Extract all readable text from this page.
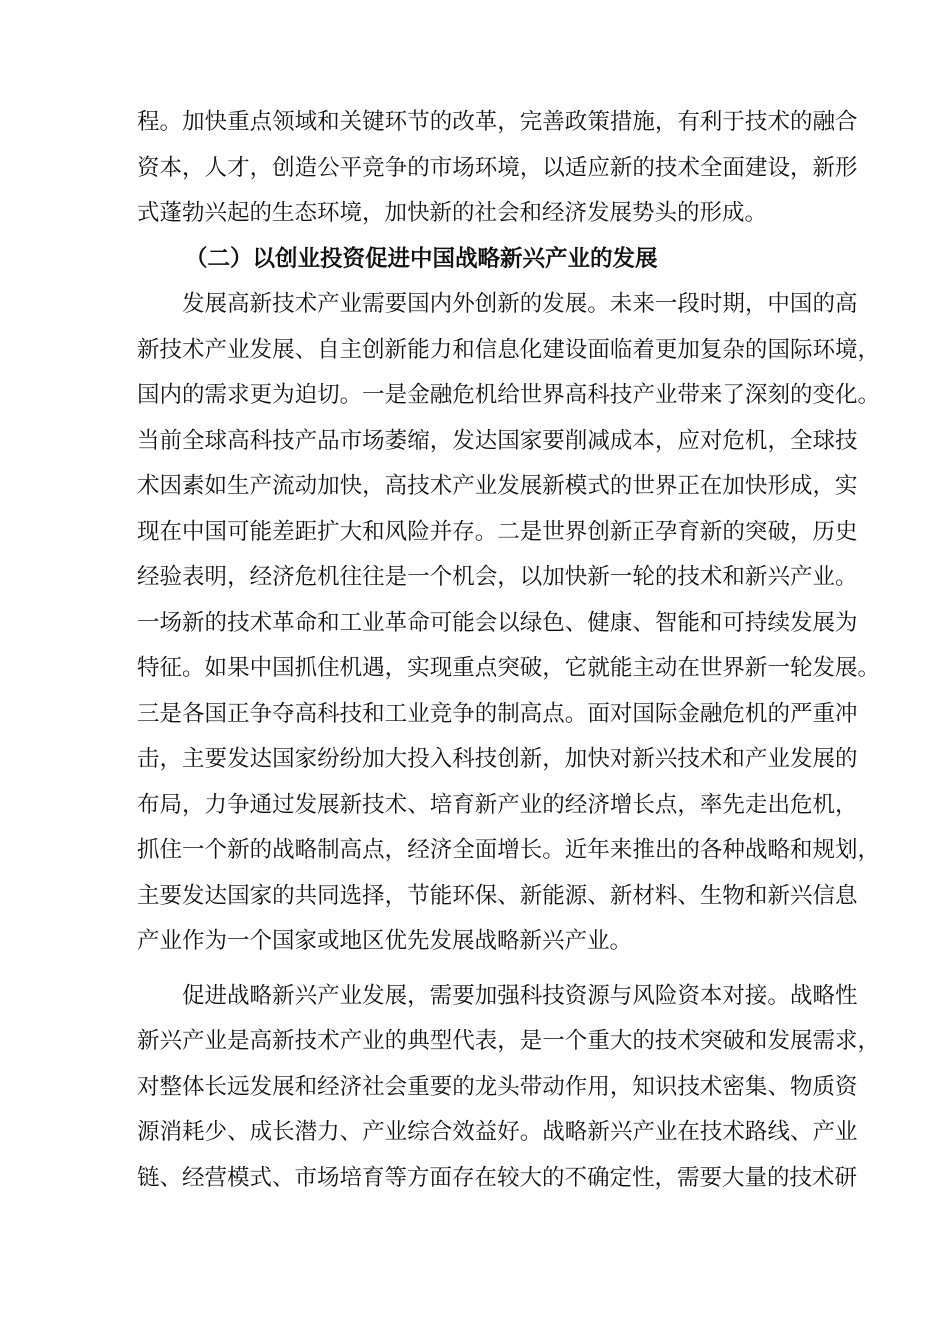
程 。 加 快 重 点 领 域 和 关 键 环 节 的 改 革 ， 完 善 政 策 措 施 ， 有 利 于 技 术 的 融 合
资 本 ， 人 才 ， 创 造 公 平 竞 争 的 市 场 环 境 ， 以 适 应 新 的 技 术 全 面 建 设 ， 新 形
式蓬勃兴起的生态环境，加快新的社会和经济发展势头的形成。
（二）以创业投资促进中国战略新兴产业的发展
发 展 高 新 技 术 产 业 需 要 国 内 外 创 新 的 发 展 。 未 来 一 段 时 期 ， 中 国 的 高
新 技 术 产 业 发 展 、 自 主 创 新 能 力 和 信 息 化 建 设 面 临 着 更 加 复 杂 的 国 际 环 境 ，
国 内 的 需 求 更 为 迫 切 。 一 是 金 融 危 机 给 世 界 高 科 技 产 业 带 来 了 深 刻 的 变 化 。
当 前 全 球 高 科 技 产 品 市 场 萎 缩 ， 发 达 国 家 要 削 减 成 本 ， 应 对 危 机 ， 全 球 技
术 因 素 如 生 产 流 动 加 快 ， 高 技 术 产 业 发 展 新 模 式 的 世 界 正 在 加 快 形 成 ， 实
现 在 中 国 可 能 差 距 扩 大 和 风 险 并 存 。 二 是 世 界 创 新 正 孕 育 新 的 突 破 ， 历 史
经 验 表 明 ， 经 济 危 机 往 往 是 一 个 机 会 ， 以 加 快 新 一 轮 的 技 术 和 新 兴 产 业 。
一 场 新 的 技 术 革 命 和 工 业 革 命 可 能 会 以 绿 色 、 健 康 、 智 能 和 可 持 续 发 展 为
特 征 。 如 果 中 国 抓 住 机 遇 ， 实 现 重 点 突 破 ， 它 就 能 主 动 在 世 界 新 一 轮 发 展 。
三 是 各 国 正 争 夺 高 科 技 和 工 业 竞 争 的 制 高 点 。 面 对 国 际 金 融 危 机 的 严 重 冲
击 ， 主 要 发 达 国 家 纷 纷 加 大 投 入 科 技 创 新 ， 加 快 对 新 兴 技 术 和 产 业 发 展 的
布 局 ， 力 争 通 过 发 展 新 技 术 、 培 育 新 产 业 的 经 济 增 长 点 ， 率 先 走 出 危 机 ，
抓 住 一 个 新 的 战 略 制 高 点 ， 经 济 全 面 增 长 。 近 年 来 推 出 的 各 种 战 略 和 规 划 ，
主 要 发 达 国 家 的 共 同 选 择 ， 节 能 环 保 、 新 能 源 、 新 材 料 、 生 物 和 新 兴 信 息
产业作为一个国家或地区优先发展战略新兴产业。
促 进 战 略 新 兴 产 业 发 展 ， 需 要 加 强 科 技 资 源 与 风 险 资 本 对 接 。 战 略 性
新 兴 产 业 是 高 新 技 术 产 业 的 典 型 代 表 ， 是 一 个 重 大 的 技 术 突 破 和 发 展 需 求 ，
对 整 体 长 远 发 展 和 经 济 社 会 重 要 的 龙 头 带 动 作 用 ， 知 识 技 术 密 集 、 物 质 资
源 消 耗 少 、 成 长 潜 力 、 产 业 综 合 效 益 好 。 战 略 新 兴 产 业 在 技 术 路 线 、 产 业
链、经营模式、市场培育等方面存在较大的不确定性，需要大量的技术研
